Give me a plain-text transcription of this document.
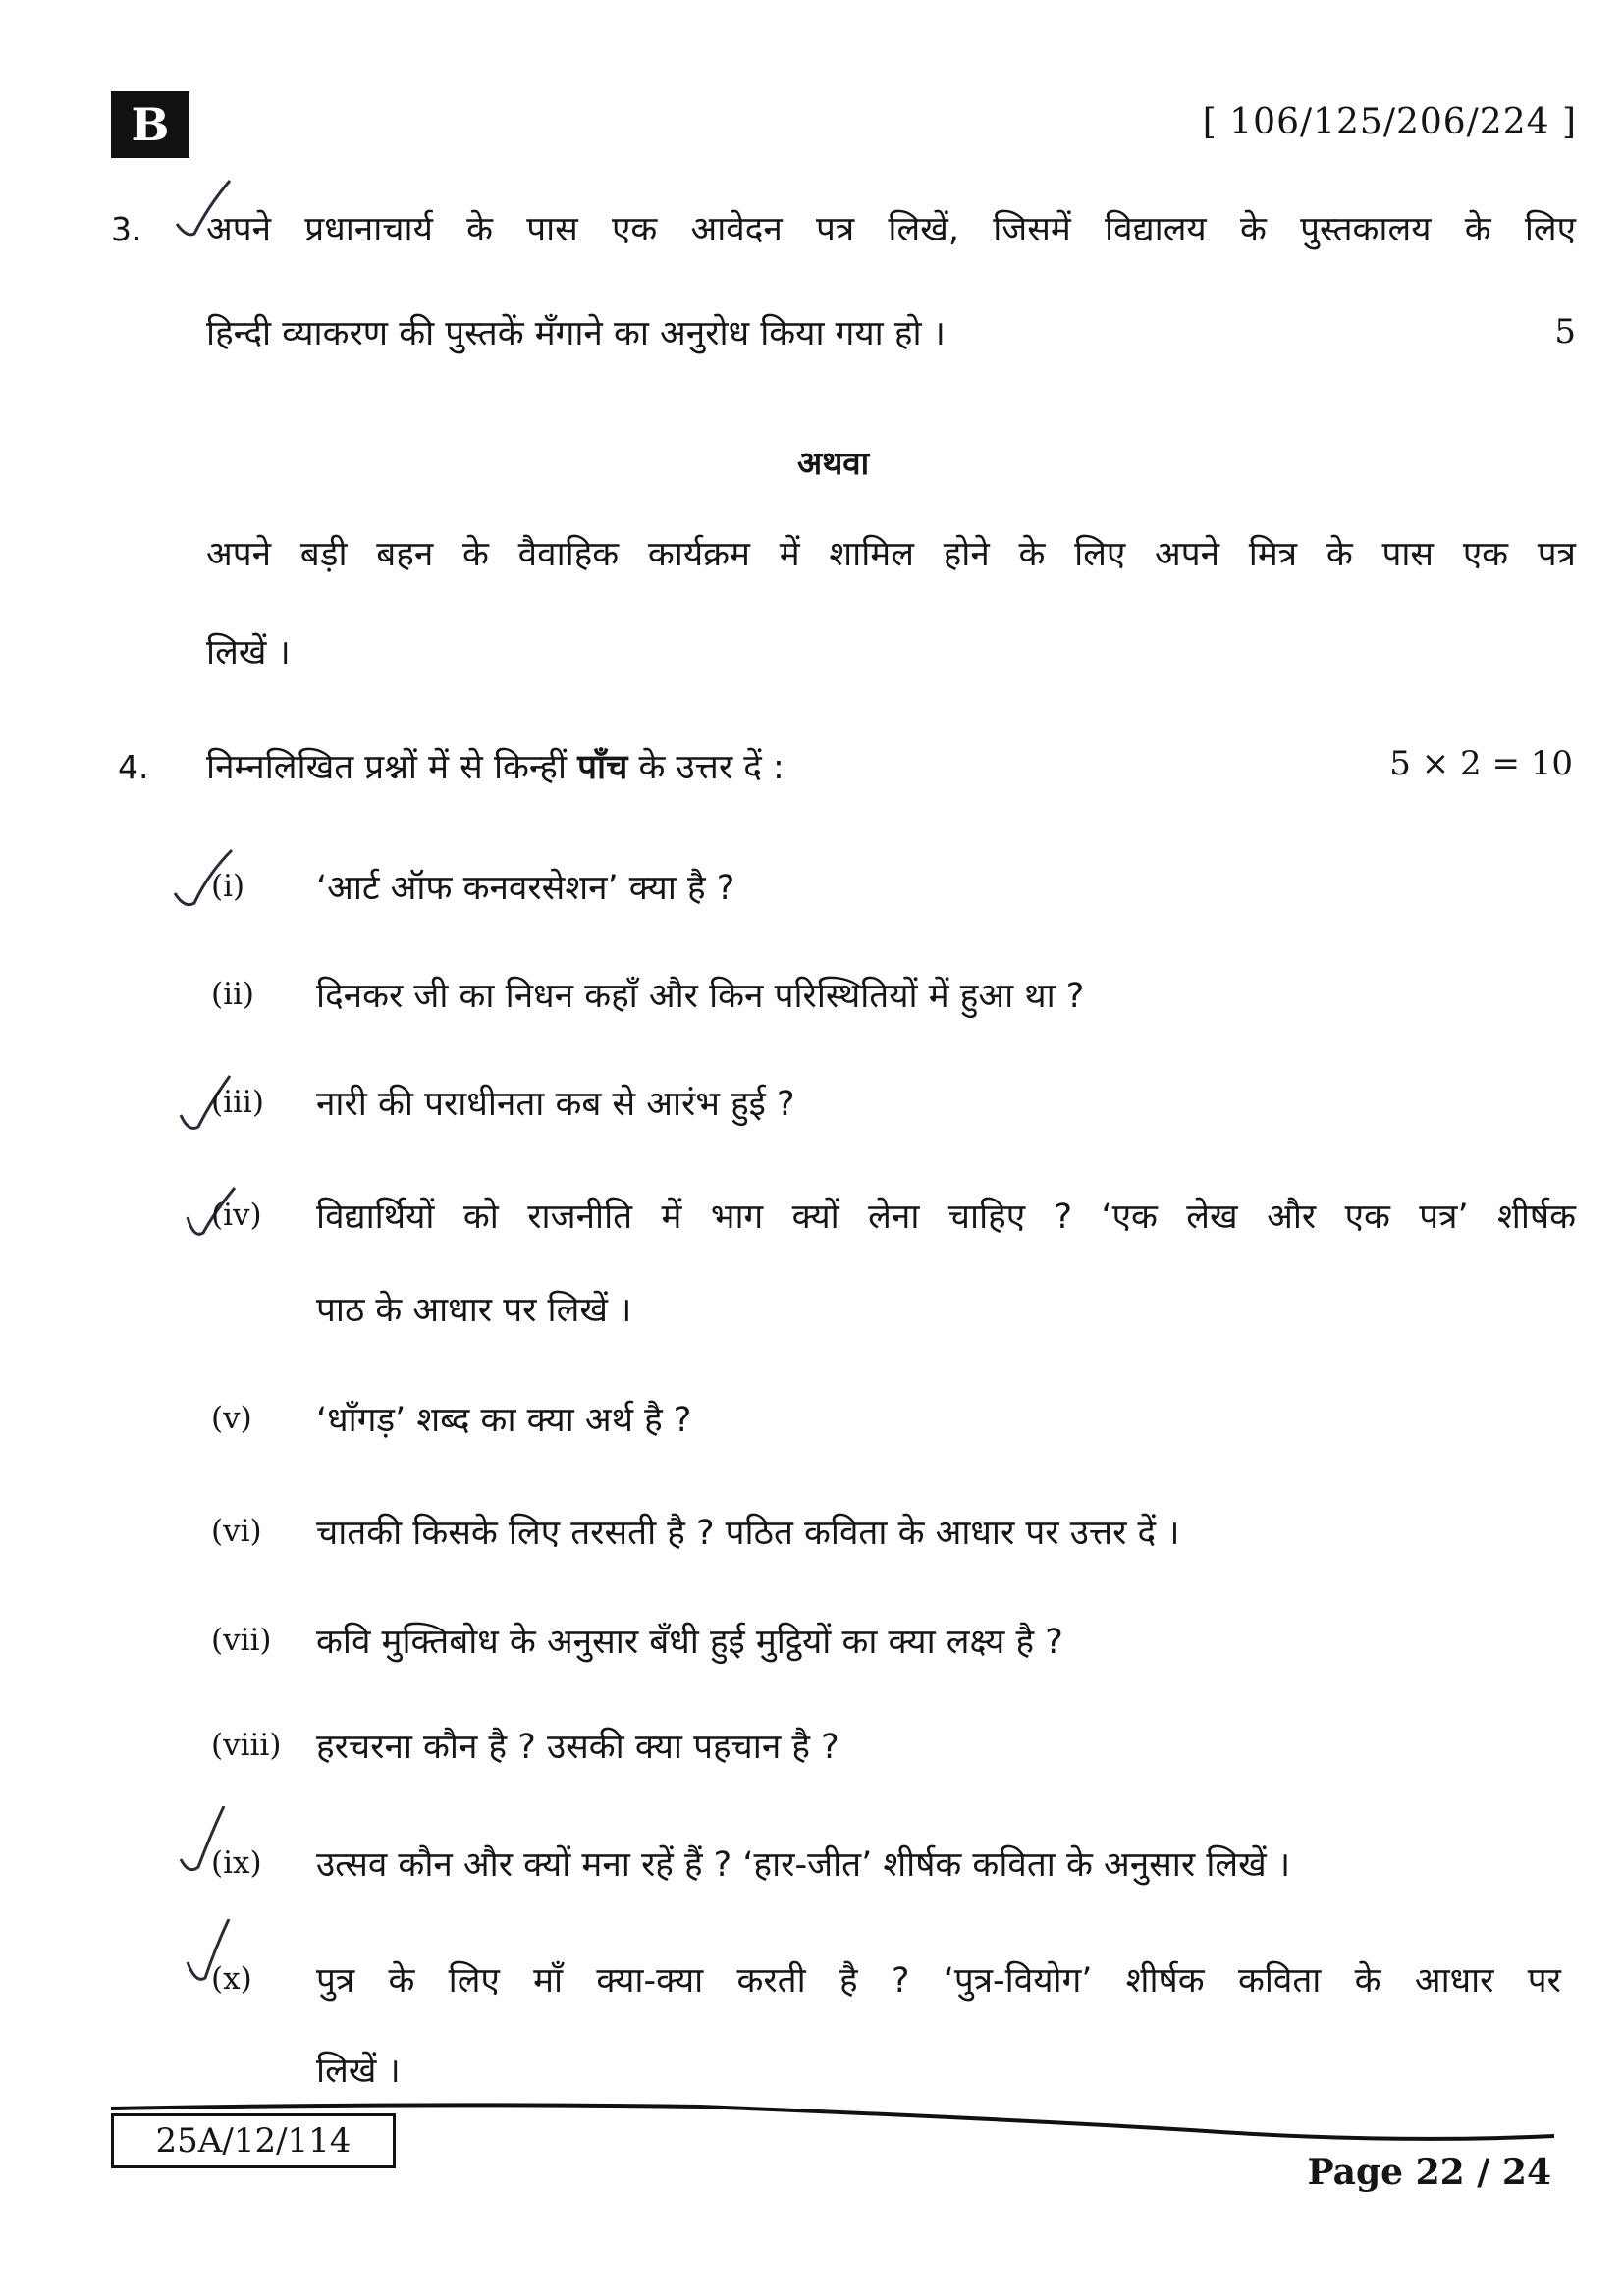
B	[ 106/125/206/224 ]
3. अपने प्रधानाचार्य के पास एक आवेदन पत्र लिखें, जिसमें विद्यालय के पुस्तकालय के लिए
हिन्दी व्याकरण की पुस्तकें मँगाने का अनुरोध किया गया हो ।	5
अथवा
अपने बड़ी बहन के वैवाहिक कार्यक्रम में शामिल होने के लिए अपने मित्र के पास एक पत्र
लिखें ।
4. निम्नलिखित प्रश्नों में से किन्हीं पाँच के उत्तर दें :	5 × 2 = 10
(i) ‘आर्ट ऑफ कनवरसेशन’ क्या है ?
(ii) दिनकर जी का निधन कहाँ और किन परिस्थितियों में हुआ था ?
(iii) नारी की पराधीनता कब से आरंभ हुई ?
(iv) विद्यार्थियों को राजनीति में भाग क्यों लेना चाहिए ? ‘एक लेख और एक पत्र’ शीर्षक
पाठ के आधार पर लिखें ।
(v) ‘धाँगड़’ शब्द का क्या अर्थ है ?
(vi) चातकी किसके लिए तरसती है ? पठित कविता के आधार पर उत्तर दें ।
(vii) कवि मुक्तिबोध के अनुसार बँधी हुई मुट्ठियों का क्या लक्ष्य है ?
(viii) हरचरना कौन है ? उसकी क्या पहचान है ?
(ix) उत्सव कौन और क्यों मना रहें हैं ? ‘हार-जीत’ शीर्षक कविता के अनुसार लिखें ।
(x) पुत्र के लिए माँ क्या-क्या करती है ? ‘पुत्र-वियोग’ शीर्षक कविता के आधार पर
लिखें ।
25A/12/114
Page 22 / 24
